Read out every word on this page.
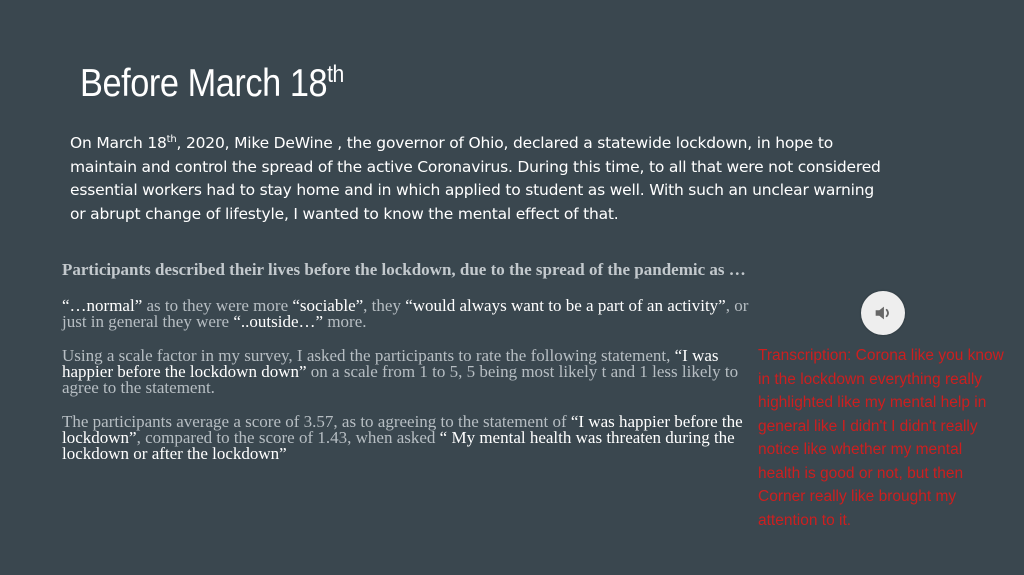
Before March 18th
On March 18th, 2020, Mike DeWine , the governor of Ohio, declared a statewide lockdown, in hope to maintain and control the spread of the active Coronavirus. During this time, to all that were not considered essential workers had to stay home and in which applied to student as well. With such an unclear warning or abrupt change of lifestyle, I wanted to know the mental effect of that.

Participants described their lives before the lockdown, due to the spread of the pandemic as …

“…normal” as to they were more “sociable”, they “would always want to be a part of an activity”, or just in general they were “..outside…” more.

Using a scale factor in my survey, I asked the participants to rate the following statement, “I was happier before the lockdown down” on a scale from 1 to 5, 5 being most likely t and 1 less likely to agree to the statement.

The participants average a score of 3.57, as to agreeing to the statement of “I was happier before the lockdown”, compared to the score of 1.43, when asked “ My mental health was threaten during the lockdown or after the lockdown”

Transcription: Corona like you know in the lockdown everything really highlighted like my mental help in general like I didn't I didn't really notice like whether my mental health is good or not, but then Corner really like brought my attention to it.
